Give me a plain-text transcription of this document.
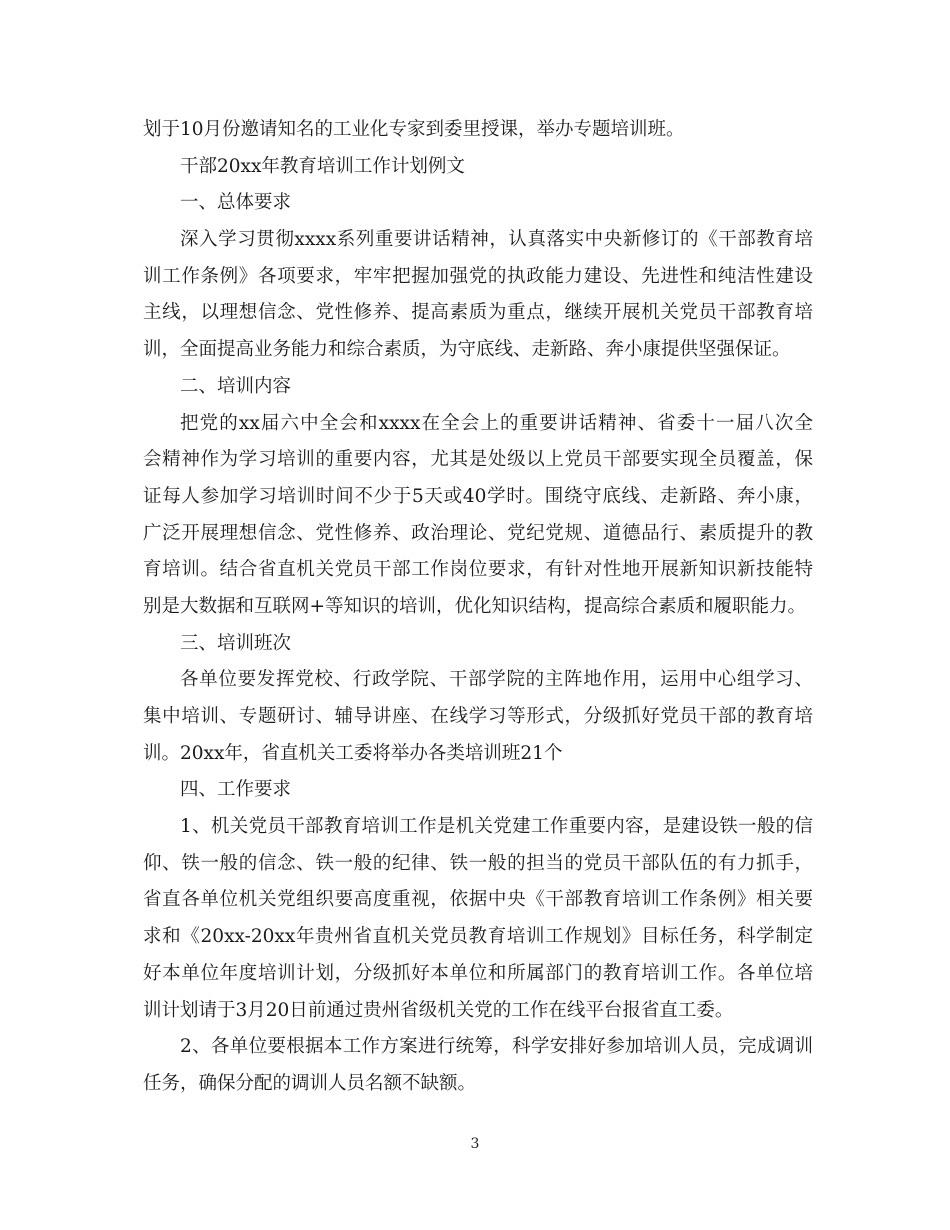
划于10月份邀请知名的工业化专家到委里授课，举办专题培训班。
干部20xx年教育培训工作计划例文
一、总体要求
深入学习贯彻xxxx系列重要讲话精神，认真落实中央新修订的《干部教育培
训工作条例》各项要求，牢牢把握加强党的执政能力建设、先进性和纯洁性建设
主线，以理想信念、党性修养、提高素质为重点，继续开展机关党员干部教育培
训，全面提高业务能力和综合素质，为守底线、走新路、奔小康提供坚强保证。
二、培训内容
把党的xx届六中全会和xxxx在全会上的重要讲话精神、省委十一届八次全
会精神作为学习培训的重要内容，尤其是处级以上党员干部要实现全员覆盖，保
证每人参加学习培训时间不少于5天或40学时。围绕守底线、走新路、奔小康，
广泛开展理想信念、党性修养、政治理论、党纪党规、道德品行、素质提升的教
育培训。结合省直机关党员干部工作岗位要求，有针对性地开展新知识新技能特
别是大数据和互联网+等知识的培训，优化知识结构，提高综合素质和履职能力。
三、培训班次
各单位要发挥党校、行政学院、干部学院的主阵地作用，运用中心组学习、
集中培训、专题研讨、辅导讲座、在线学习等形式，分级抓好党员干部的教育培
训。20xx年，省直机关工委将举办各类培训班21个
四、工作要求
1、机关党员干部教育培训工作是机关党建工作重要内容，是建设铁一般的信
仰、铁一般的信念、铁一般的纪律、铁一般的担当的党员干部队伍的有力抓手，
省直各单位机关党组织要高度重视，依据中央《干部教育培训工作条例》相关要
求和《20xx-20xx年贵州省直机关党员教育培训工作规划》目标任务，科学制定
好本单位年度培训计划，分级抓好本单位和所属部门的教育培训工作。各单位培
训计划请于3月20日前通过贵州省级机关党的工作在线平台报省直工委。
2、各单位要根据本工作方案进行统筹，科学安排好参加培训人员，完成调训
任务，确保分配的调训人员名额不缺额。
3
